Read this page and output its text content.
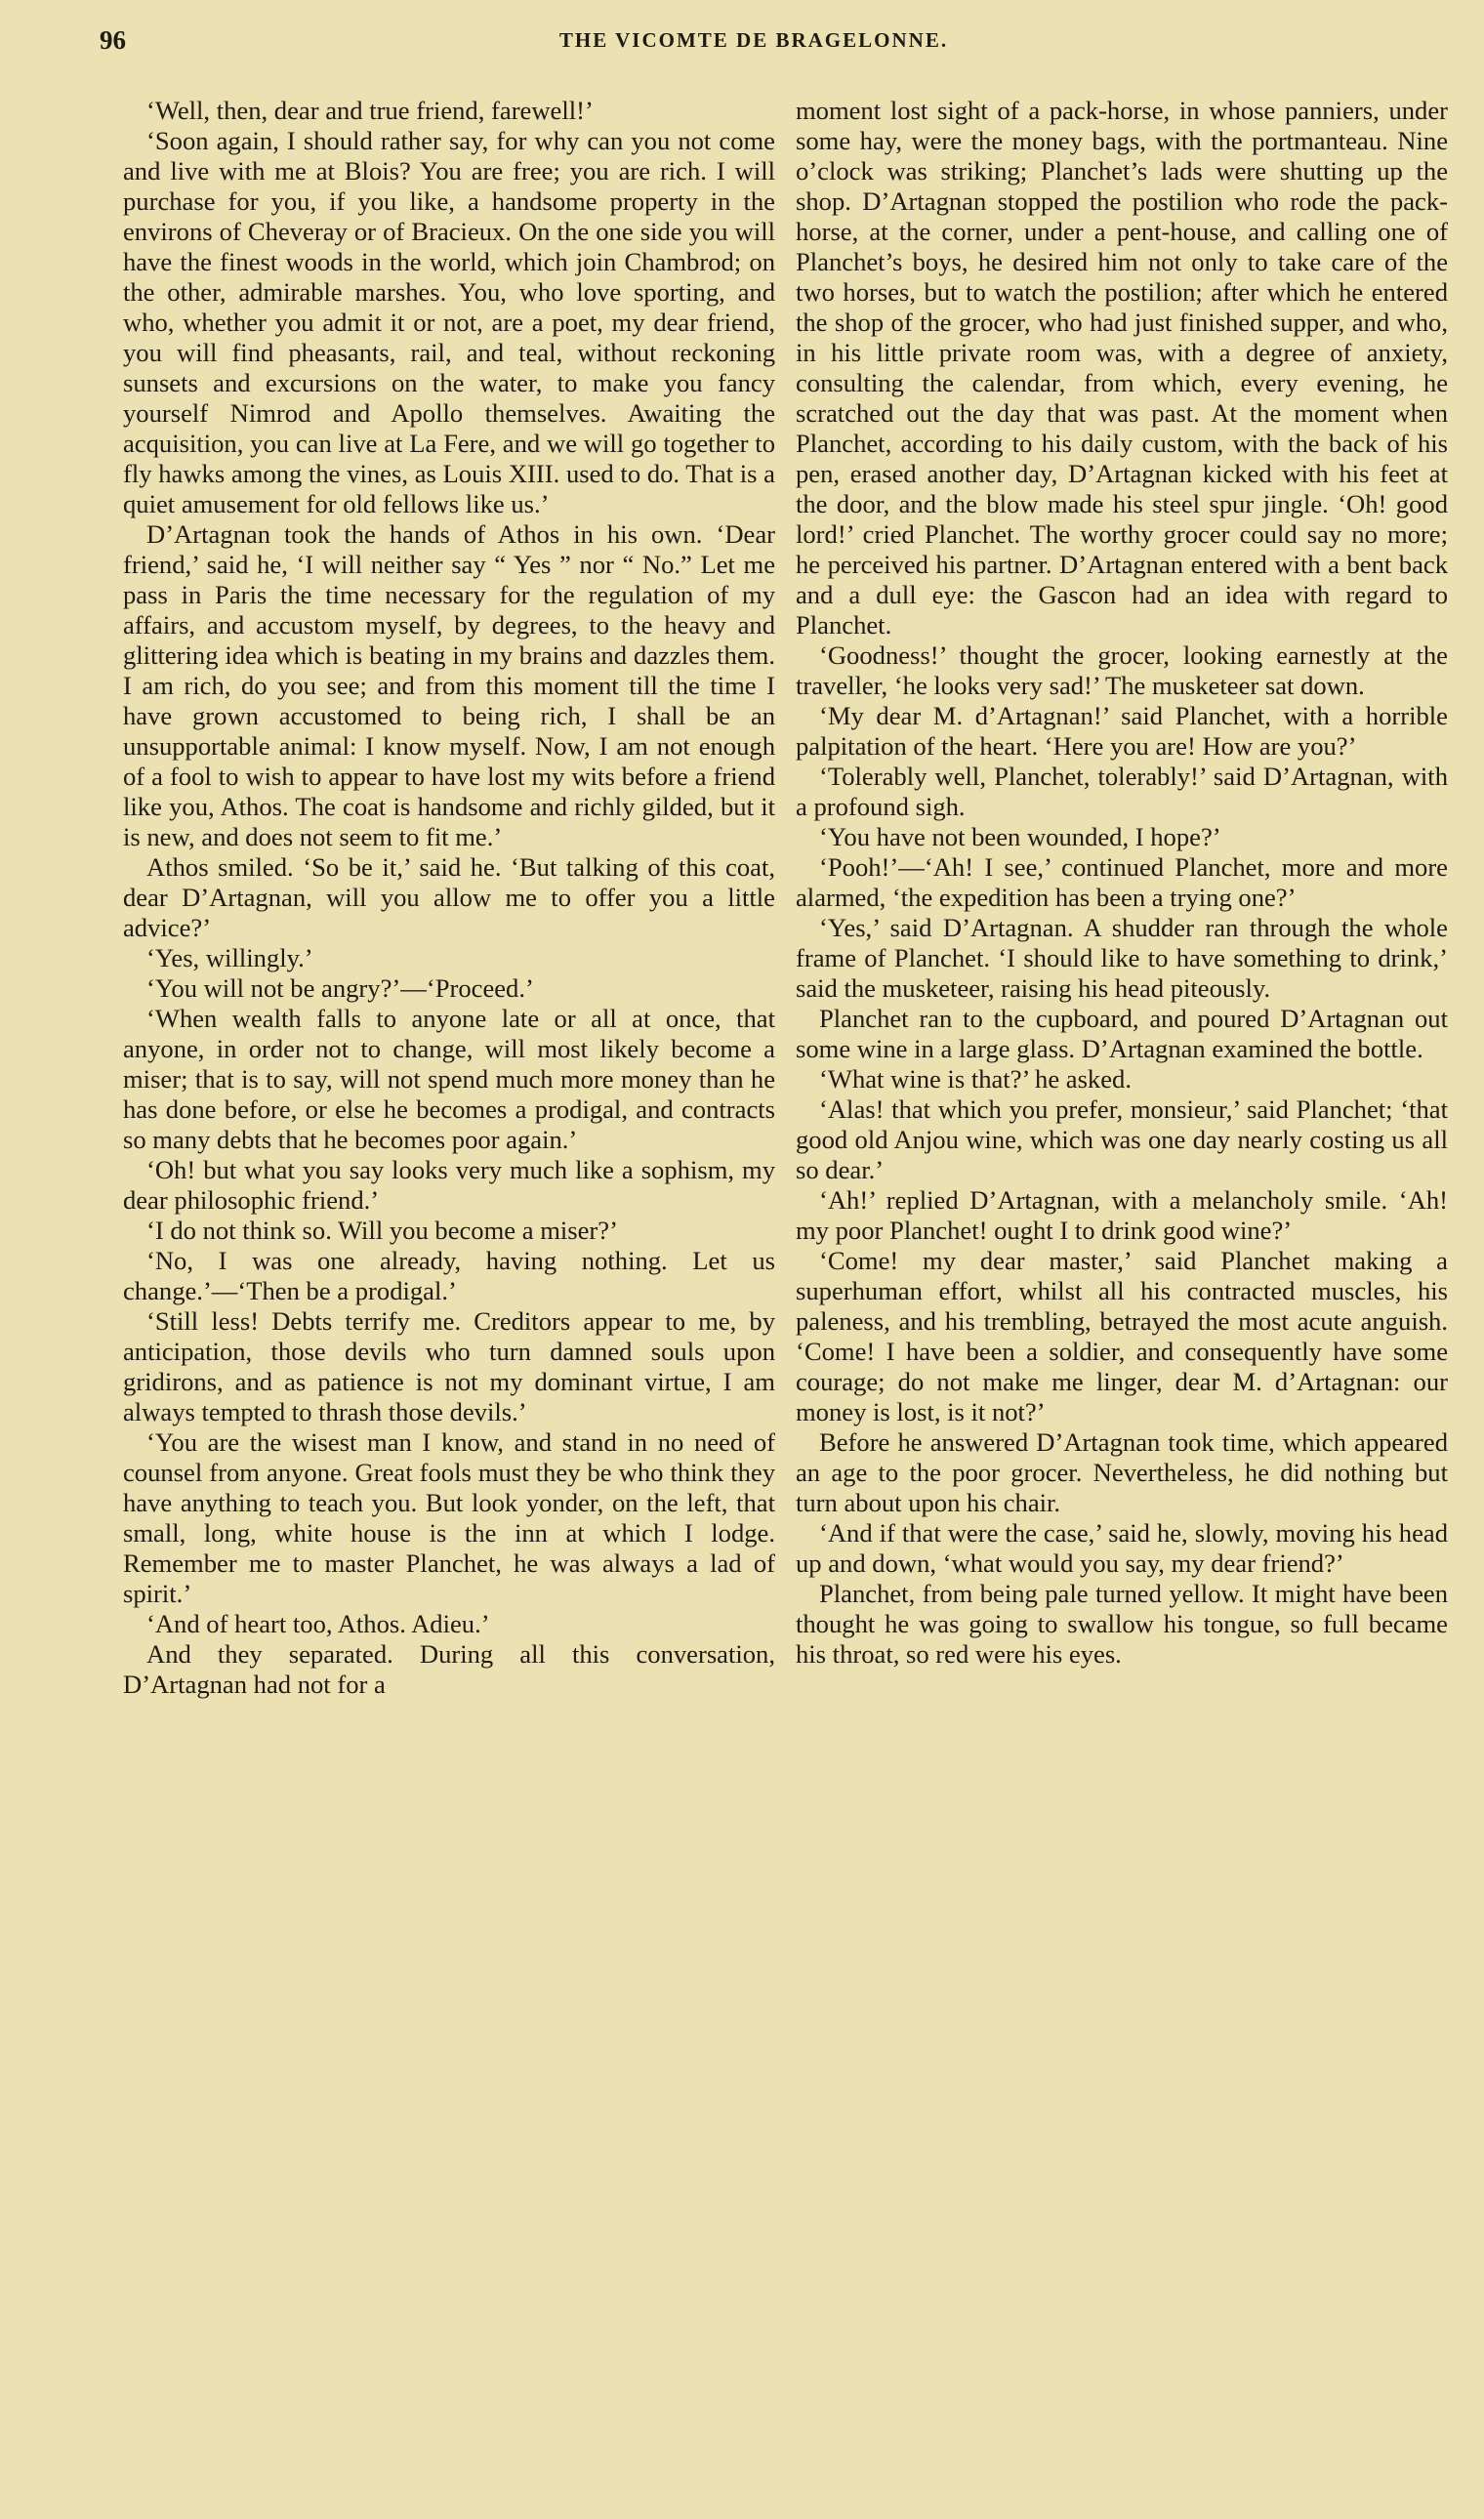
96	THE VICOMTE DE BRAGELONNE.

‘Well, then, dear and true friend, farewell!’

‘Soon again, I should rather say, for why can you not come and live with me at Blois? You are free; you are rich. I will purchase for you, if you like, a handsome property in the environs of Cheveray or of Bracieux. On the one side you will have the finest woods in the world, which join Chambrod; on the other, admirable marshes. You, who love sporting, and who, whether you admit it or not, are a poet, my dear friend, you will find pheasants, rail, and teal, without reckoning sunsets and excursions on the water, to make you fancy yourself Nimrod and Apollo themselves. Awaiting the acquisition, you can live at La Fere, and we will go together to fly hawks among the vines, as Louis XIII. used to do. That is a quiet amusement for old fellows like us.’

D’Artagnan took the hands of Athos in his own. ‘Dear friend,’ said he, ‘I will neither say “ Yes ” nor “ No.” Let me pass in Paris the time necessary for the regulation of my affairs, and accustom myself, by degrees, to the heavy and glittering idea which is beating in my brains and dazzles them. I am rich, do you see; and from this moment till the time I have grown accustomed to being rich, I shall be an unsupportable animal: I know myself. Now, I am not enough of a fool to wish to appear to have lost my wits before a friend like you, Athos. The coat is handsome and richly gilded, but it is new, and does not seem to fit me.’

Athos smiled. ‘So be it,’ said he. ‘But talking of this coat, dear D’Artagnan, will you allow me to offer you a little advice?’

‘Yes, willingly.’

‘You will not be angry?’—‘Proceed.’

‘When wealth falls to anyone late or all at once, that anyone, in order not to change, will most likely become a miser; that is to say, will not spend much more money than he has done before, or else he becomes a prodigal, and contracts so many debts that he becomes poor again.’

‘Oh! but what you say looks very much like a sophism, my dear philosophic friend.’

‘I do not think so. Will you become a miser?’

‘No, I was one already, having nothing. Let us change.’—‘Then be a prodigal.’

‘Still less! Debts terrify me. Creditors appear to me, by anticipation, those devils who turn damned souls upon gridirons, and as patience is not my dominant virtue, I am always tempted to thrash those devils.’

‘You are the wisest man I know, and stand in no need of counsel from anyone. Great fools must they be who think they have anything to teach you. But look yonder, on the left, that small, long, white house is the inn at which I lodge. Remember me to master Planchet, he was always a lad of spirit.’

‘And of heart too, Athos. Adieu.’

And they separated. During all this conversation, D’Artagnan had not for a

moment lost sight of a pack-horse, in whose panniers, under some hay, were the money bags, with the portmanteau. Nine o’clock was striking; Planchet’s lads were shutting up the shop. D’Artagnan stopped the postilion who rode the pack-horse, at the corner, under a pent-house, and calling one of Planchet’s boys, he desired him not only to take care of the two horses, but to watch the postilion; after which he entered the shop of the grocer, who had just finished supper, and who, in his little private room was, with a degree of anxiety, consulting the calendar, from which, every evening, he scratched out the day that was past. At the moment when Planchet, according to his daily custom, with the back of his pen, erased another day, D’Artagnan kicked with his feet at the door, and the blow made his steel spur jingle. ‘Oh! good lord!’ cried Planchet. The worthy grocer could say no more; he perceived his partner. D’Artagnan entered with a bent back and a dull eye: the Gascon had an idea with regard to Planchet.

‘Goodness!’ thought the grocer, looking earnestly at the traveller, ‘he looks very sad!’ The musketeer sat down.

‘My dear M. d’Artagnan!’ said Planchet, with a horrible palpitation of the heart. ‘Here you are! How are you?’

‘Tolerably well, Planchet, tolerably!’ said D’Artagnan, with a profound sigh.

‘You have not been wounded, I hope?’

‘Pooh!’—‘Ah! I see,’ continued Planchet, more and more alarmed, ‘the expedition has been a trying one?’

‘Yes,’ said D’Artagnan. A shudder ran through the whole frame of Planchet. ‘I should like to have something to drink,’ said the musketeer, raising his head piteously.

Planchet ran to the cupboard, and poured D’Artagnan out some wine in a large glass. D’Artagnan examined the bottle.

‘What wine is that?’ he asked.

‘Alas! that which you prefer, monsieur,’ said Planchet; ‘that good old Anjou wine, which was one day nearly costing us all so dear.’

‘Ah!’ replied D’Artagnan, with a melancholy smile. ‘Ah! my poor Planchet! ought I to drink good wine?’

‘Come! my dear master,’ said Planchet making a superhuman effort, whilst all his contracted muscles, his paleness, and his trembling, betrayed the most acute anguish. ‘Come! I have been a soldier, and consequently have some courage; do not make me linger, dear M. d’Artagnan: our money is lost, is it not?’

Before he answered D’Artagnan took time, which appeared an age to the poor grocer. Nevertheless, he did nothing but turn about upon his chair.

‘And if that were the case,’ said he, slowly, moving his head up and down, ‘what would you say, my dear friend?’

Planchet, from being pale turned yellow. It might have been thought he was going to swallow his tongue, so full became his throat, so red were his eyes.
